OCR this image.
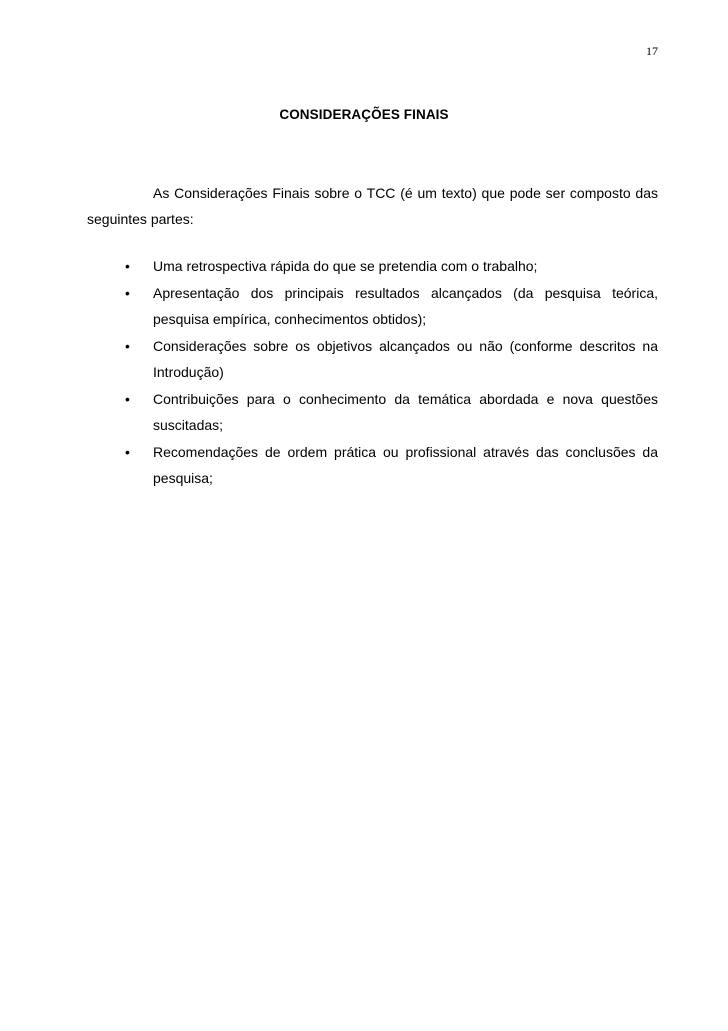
17
CONSIDERAÇÕES FINAIS

As Considerações Finais sobre o TCC (é um texto) que pode ser composto das seguintes partes:

• Uma retrospectiva rápida do que se pretendia com o trabalho;
• Apresentação dos principais resultados alcançados (da pesquisa teórica, pesquisa empírica, conhecimentos obtidos);
• Considerações sobre os objetivos alcançados ou não (conforme descritos na Introdução)
• Contribuições para o conhecimento da temática abordada e nova questões suscitadas;
• Recomendações de ordem prática ou profissional através das conclusões da pesquisa;
